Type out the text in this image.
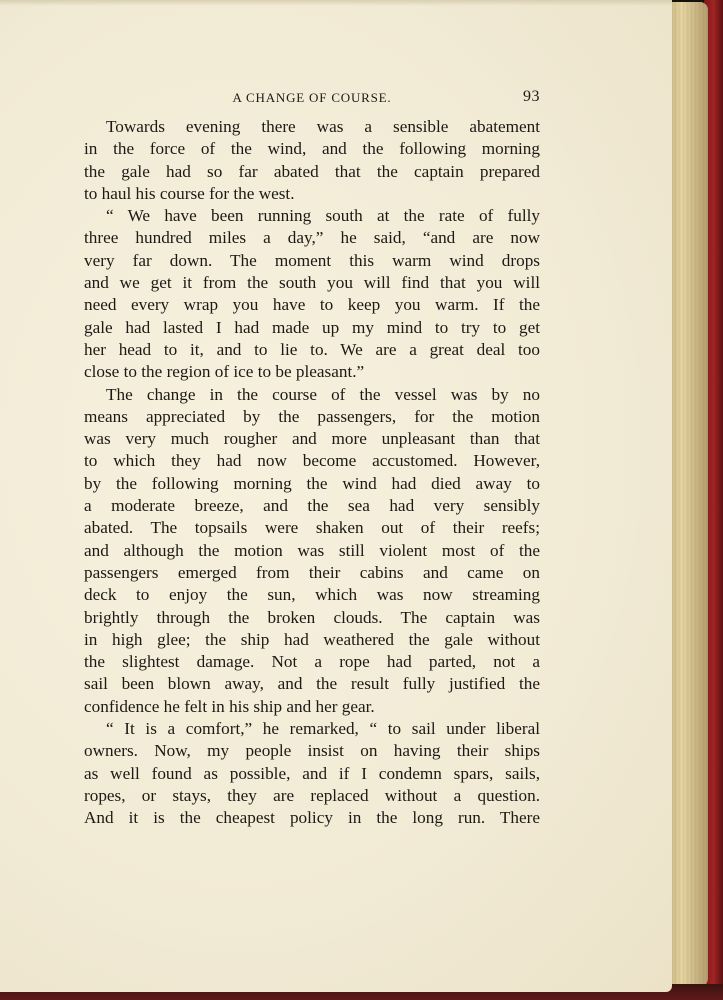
A CHANGE OF COURSE.	93
Towards evening there was a sensible abatement
in the force of the wind, and the following morning
the gale had so far abated that the captain prepared
to haul his course for the west.
“ We have been running south at the rate of fully
three hundred miles a day,” he said, “and are now
very far down. The moment this warm wind drops
and we get it from the south you will find that you will
need every wrap you have to keep you warm. If the
gale had lasted I had made up my mind to try to get
her head to it, and to lie to. We are a great deal too
close to the region of ice to be pleasant.”
The change in the course of the vessel was by no
means appreciated by the passengers, for the motion
was very much rougher and more unpleasant than that
to which they had now become accustomed. However,
by the following morning the wind had died away to
a moderate breeze, and the sea had very sensibly
abated. The topsails were shaken out of their reefs;
and although the motion was still violent most of the
passengers emerged from their cabins and came on
deck to enjoy the sun, which was now streaming
brightly through the broken clouds. The captain was
in high glee; the ship had weathered the gale without
the slightest damage. Not a rope had parted, not a
sail been blown away, and the result fully justified the
confidence he felt in his ship and her gear.
“ It is a comfort,” he remarked, “ to sail under liberal
owners. Now, my people insist on having their ships
as well found as possible, and if I condemn spars, sails,
ropes, or stays, they are replaced without a question.
And it is the cheapest policy in the long run. There
